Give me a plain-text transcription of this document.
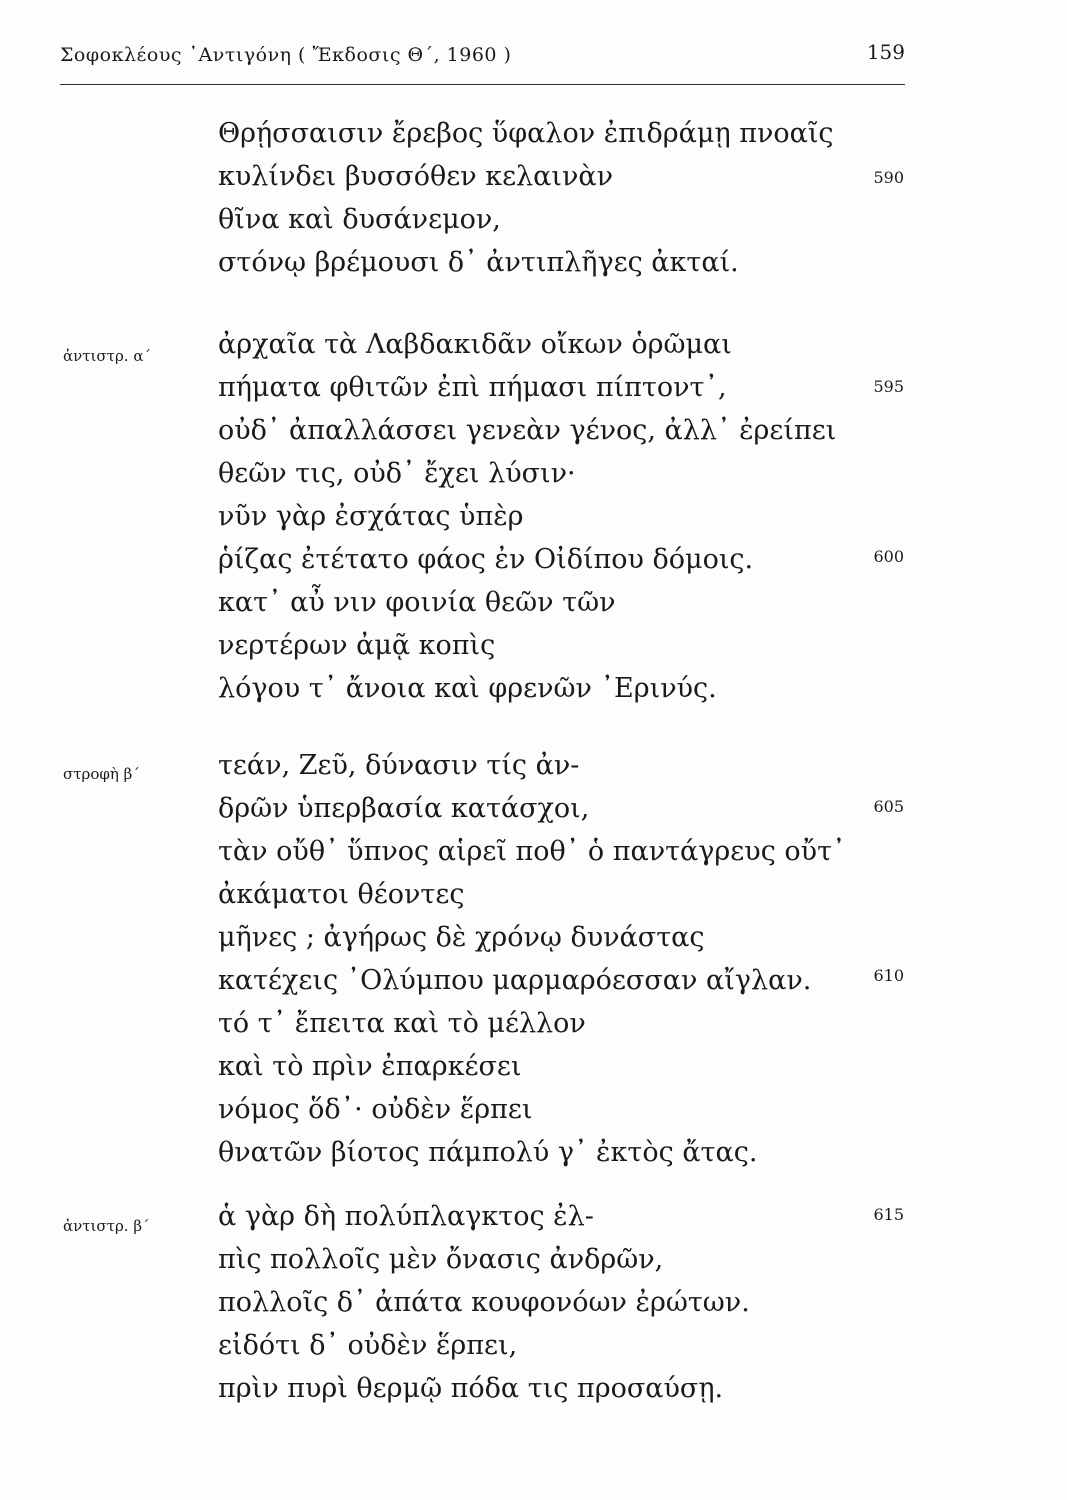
Σοφοκλέους ᾿Αντιγόνη ( Ἔκδοσις Θ΄, 1960 )	159
Θρῄσσαισιν ἔρεβος ὕφαλον ἐπιδράμῃ πνοαῖς
κυλίνδει βυσσόθεν κελαινὰν	590
θῖνα καὶ δυσάνεμον,
στόνῳ βρέμουσι δ᾿ ἀντιπλῆγες ἀκταί.
ἀντιστρ. α΄ ἀρχαῖα τὰ Λαβδακιδᾶν οἴκων ὁρῶμαι
πήματα φθιτῶν ἐπὶ πήμασι πίπτοντ᾿,	595
οὐδ᾿ ἀπαλλάσσει γενεὰν γένος, ἀλλ᾿ ἐρείπει
θεῶν τις, οὐδ᾿ ἔχει λύσιν·
νῦν γὰρ ἐσχάτας ὑπὲρ
ῥίζας ἐτέτατο φάος ἐν Οἰδίπου δόμοις.	600
κατ᾿ αὖ νιν φοινία θεῶν τῶν
νερτέρων ἀμᾷ κοπὶς
λόγου τ᾿ ἄνοια καὶ φρενῶν ᾿Ερινύς.
στροφὴ β΄	τεάν, Ζεῦ, δύνασιν τίς ἀν-
δρῶν ὑπερβασία κατάσχοι,	605
τὰν οὔθ᾿ ὕπνος αἱρεῖ ποθ᾿ ὁ παντάγρευς οὔτ᾿
ἀκάματοι θέοντες
μῆνες ; ἀγήρως δὲ χρόνῳ δυνάστας
κατέχεις ᾿Ολύμπου μαρμαρόεσσαν αἴγλαν.	610
τό τ᾿ ἔπειτα καὶ τὸ μέλλον
καὶ τὸ πρὶν ἐπαρκέσει
νόμος ὅδ᾿· οὐδὲν ἕρπει
θνατῶν βίοτος πάμπολύ γ᾿ ἐκτὸς ἄτας.
ἀντιστρ. β΄	ἁ γὰρ δὴ πολύπλαγκτος ἐλ-	615
πὶς πολλοῖς μὲν ὄνασις ἀνδρῶν,
πολλοῖς δ᾿ ἀπάτα κουφονόων ἐρώτων.
εἰδότι δ᾿ οὐδὲν ἕρπει,
πρὶν πυρὶ θερμῷ πόδα τις προσαύσῃ.
